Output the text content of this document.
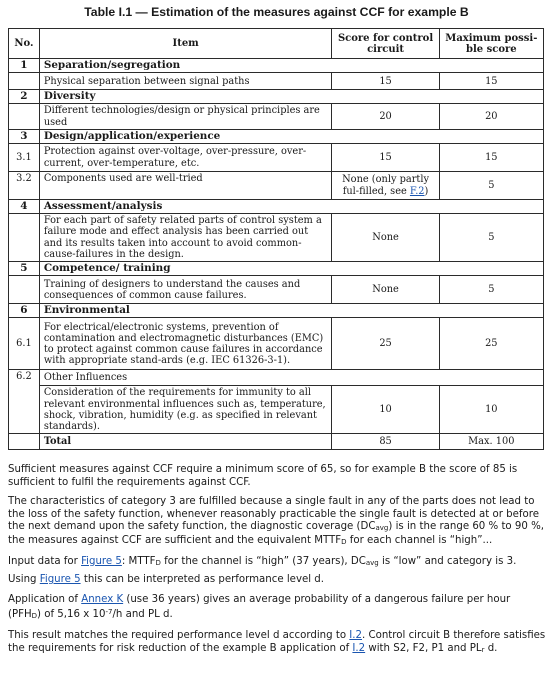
Table I.1 — Estimation of the measures against CCF for example B
No.	Item	Score for control circuit	Maximum possi-ble score
1	Separation/segregation		
	Physical separation between signal paths	15	15
2	Diversity		
	Different technologies/design or physical principles are used	20	20
3	Design/application/experience		
3.1	Protection against over-voltage, over-pressure, over-current, over-temperature, etc.	15	15
3.2	Components used are well-tried	None (only partly ful-filled, see F.2)	5
4	Assessment/analysis		
	For each part of safety related parts of control system a failure mode and effect analysis has been carried out and its results taken into account to avoid common-cause-failures in the design.	None	5
5	Competence/ training		
	Training of designers to understand the causes and consequences of common cause failures.	None	5
6	Environmental		
6.1	For electrical/electronic systems, prevention of contamination and electromagnetic disturbances (EMC) to protect against common cause failures in accordance with appropriate stand-ards (e.g. IEC 61326-3-1).	25	25
6.2	Other Influences		
	Consideration of the requirements for immunity to all relevant environmental influences such as, temperature, shock, vibration, humidity (e.g. as specified in relevant standards).	10	10
	Total	85	Max. 100

Sufficient measures against CCF require a minimum score of 65, so for example B the score of 85 is sufficient to fulfil the requirements against CCF.

The characteristics of category 3 are fulfilled because a single fault in any of the parts does not lead to the loss of the safety function, whenever reasonably practicable the single fault is detected at or before the next demand upon the safety function, the diagnostic coverage (DCavg) is in the range 60 % to 90 %, the measures against CCF are sufficient and the equivalent MTTFD for each channel is “high”...

Input data for Figure 5: MTTFD for the channel is “high” (37 years), DCavg is “low” and category is 3.

Using Figure 5 this can be interpreted as performance level d.

Application of Annex K (use 36 years) gives an average probability of a dangerous failure per hour (PFHD) of 5,16 x $10^{-7}/h$ and PL d.

This result matches the required performance level d according to I.2. Control circuit B therefore satisfies the requirements for risk reduction of the example B application of I.2 with S2, F2, P1 and PLr d.
